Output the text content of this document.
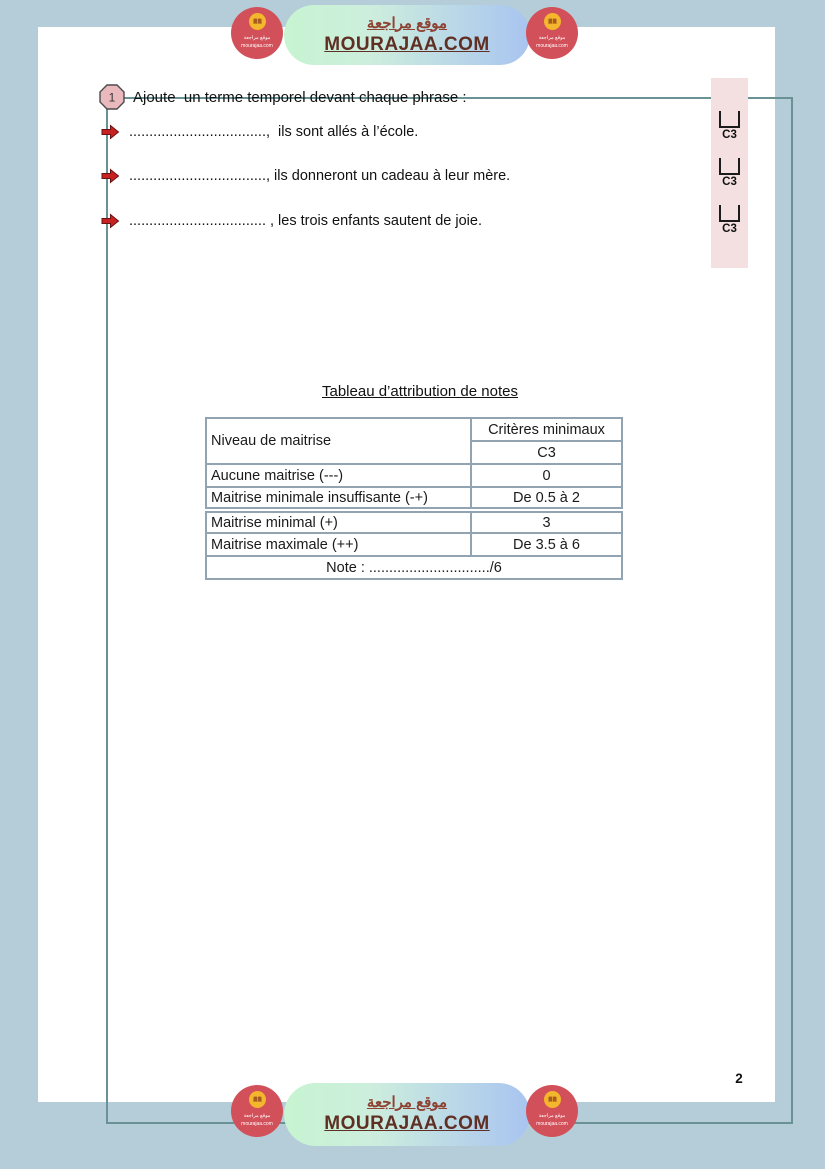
موقع مراجعة
mourajaa.com
موقع مراجعة
MOURAJAA.COM	موقع مراجعة
mourajaa.com
1 Ajoute  un terme temporel devant chaque phrase :
..................................,  ils sont allés à l’école.
.................................., ils donneront un cadeau à leur mère.
.................................. , les trois enfants sautent de joie.
C3
C3
C3
Tableau d’attribution de notes
Niveau de maitrise	Critères minimaux
	C3
Aucune maitrise (---)	0
Maitrise minimale insuffisante (-+)	De 0.5 à 2
Maitrise minimal (+)	3
Maitrise maximale (++)	De 3.5 à 6
Note : ............................../6	
2
موقع مراجعة
mourajaa.com
موقع مراجعة
MOURAJAA.COM	موقع مراجعة
mourajaa.com
